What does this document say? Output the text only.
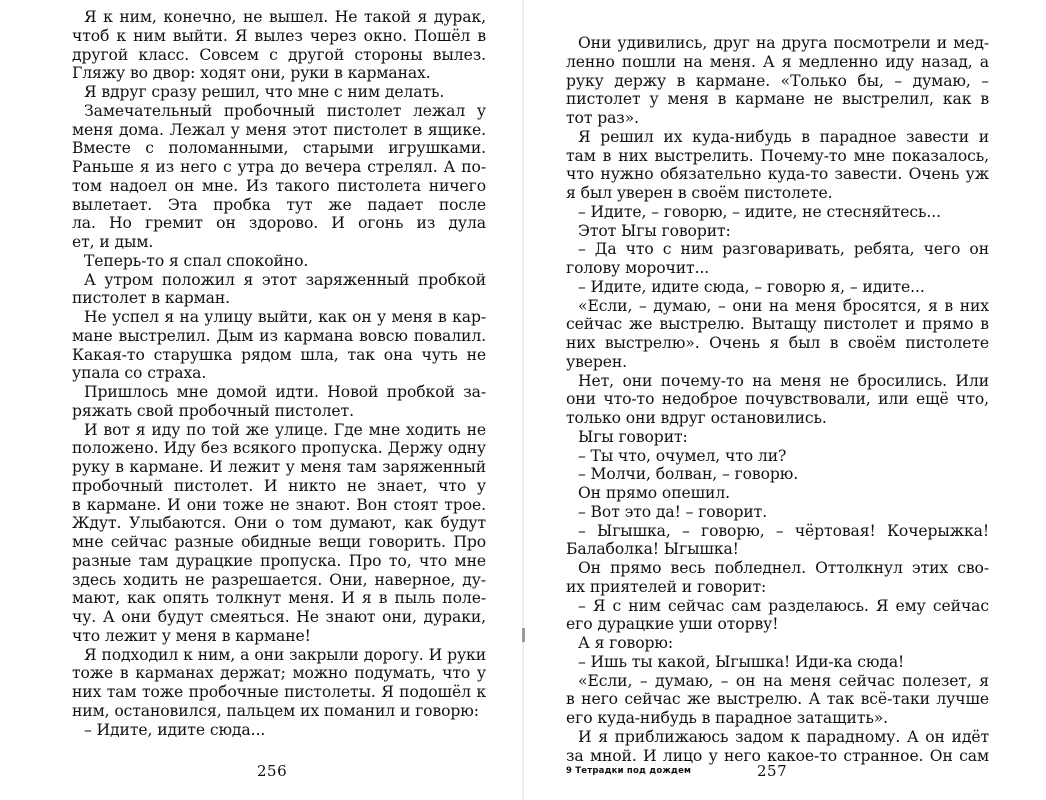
Я к ним, конечно, не вышел. Не такой я дурак,
чтоб к ним выйти. Я вылез через окно. Пошёл в
другой класс. Совсем с другой стороны вылез.
Гляжу во двор: ходят они, руки в карманах.
Я вдруг сразу решил, что мне с ним делать.
Замечательный пробочный пистолет лежал у
меня дома. Лежал у меня этот пистолет в ящике.
Вместе с поломанными, старыми игрушками.
Раньше я из него с утра до вечера стрелял. А по-
том надоел он мне. Из такого пистолета ничего
вылетает. Эта пробка тут же падает после
ла. Но гремит он здорово. И огонь из дула
ет, и дым.
Теперь-то я спал спокойно.
А утром положил я этот заряженный пробкой
пистолет в карман.
Не успел я на улицу выйти, как он у меня в кар-
мане выстрелил. Дым из кармана вовсю повалил.
Какая-то старушка рядом шла, так она чуть не
упала со страха.
Пришлось мне домой идти. Новой пробкой за-
ряжать свой пробочный пистолет.
И вот я иду по той же улице. Где мне ходить не
положено. Иду без всякого пропуска. Держу одну
руку в кармане. И лежит у меня там заряженный
пробочный пистолет. И никто не знает, что у
в кармане. И они тоже не знают. Вон стоят трое.
Ждут. Улыбаются. Они о том думают, как будут
мне сейчас разные обидные вещи говорить. Про
разные там дурацкие пропуска. Про то, что мне
здесь ходить не разрешается. Они, наверное, ду-
мают, как опять толкнут меня. И я в пыль поле-
чу. А они будут смеяться. Не знают они, дураки,
что лежит у меня в кармане!
Я подходил к ним, а они закрыли дорогу. И руки
тоже в карманах держат; можно подумать, что у
них там тоже пробочные пистолеты. Я подошёл к
ним, остановился, пальцем их поманил и говорю:
– Идите, идите сюда...
256
Они удивились, друг на друга посмотрели и мед-
ленно пошли на меня. А я медленно иду назад, а
руку держу в кармане. «Только бы, – думаю, –
пистолет у меня в кармане не выстрелил, как в
тот раз».
Я решил их куда-нибудь в парадное завести и
там в них выстрелить. Почему-то мне показалось,
что нужно обязательно куда-то завести. Очень уж
я был уверен в своём пистолете.
– Идите, – говорю, – идите, не стесняйтесь...
Этот Ыгы говорит:
– Да что с ним разговаривать, ребята, чего он
голову морочит...
– Идите, идите сюда, – говорю я, – идите...
«Если, – думаю, – они на меня бросятся, я в них
сейчас же выстрелю. Вытащу пистолет и прямо в
них выстрелю». Очень я был в своём пистолете
уверен.
Нет, они почему-то на меня не бросились. Или
они что-то недоброе почувствовали, или ещё что,
только они вдруг остановились.
Ыгы говорит:
– Ты что, очумел, что ли?
– Молчи, болван, – говорю.
Он прямо опешил.
– Вот это да! – говорит.
– Ыгышка, – говорю, – чёртовая! Кочерыжка!
Балаболка! Ыгышка!
Он прямо весь побледнел. Оттолкнул этих сво-
их приятелей и говорит:
– Я с ним сейчас сам разделаюсь. Я ему сейчас
его дурацкие уши оторву!
А я говорю:
– Ишь ты какой, Ыгышка! Иди-ка сюда!
«Если, – думаю, – он на меня сейчас полезет, я
в него сейчас же выстрелю. А так всё-таки лучше
его куда-нибудь в парадное затащить».
И я приближаюсь задом к парадному. А он идёт
за мной. И лицо у него какое-то странное. Он сам
9 Тетрадки под дождем	257
